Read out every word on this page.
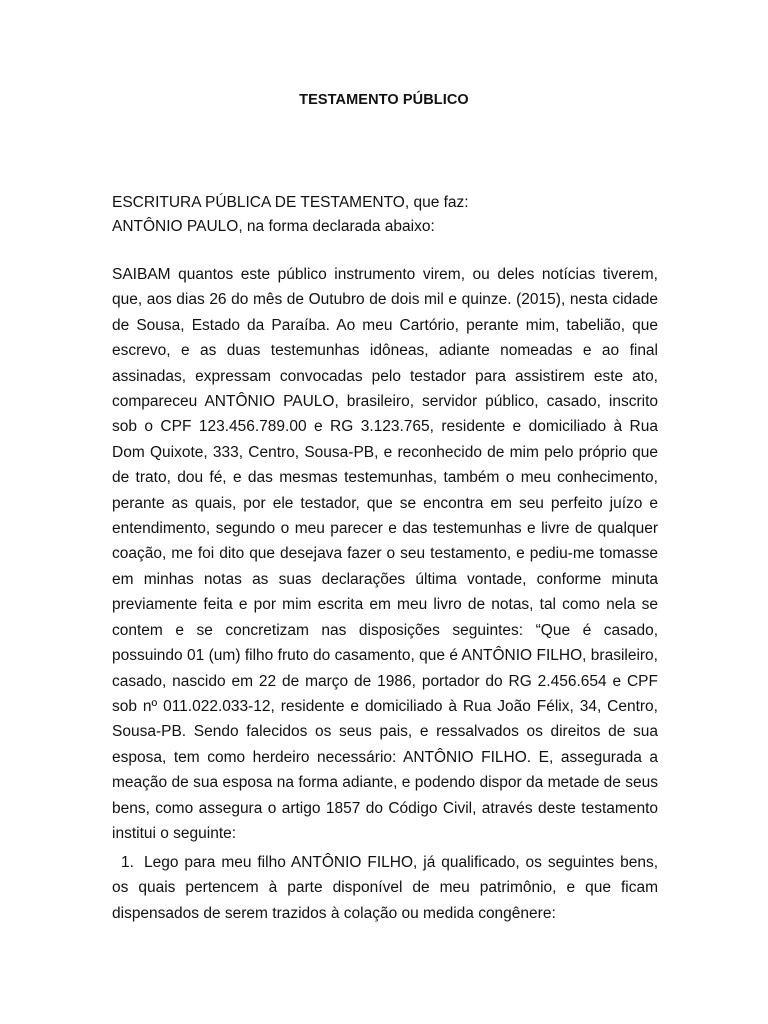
TESTAMENTO PÚBLICO
ESCRITURA PÚBLICA DE TESTAMENTO, que faz:
ANTÔNIO PAULO, na forma declarada abaixo:
SAIBAM quantos este público instrumento virem, ou deles notícias tiverem, que, aos dias 26 do mês de Outubro de dois mil e quinze. (2015), nesta cidade de Sousa, Estado da Paraíba. Ao meu Cartório, perante mim, tabelião, que escrevo, e as duas testemunhas idôneas, adiante nomeadas e ao final assinadas, expressam convocadas pelo testador para assistirem este ato, compareceu ANTÔNIO PAULO, brasileiro, servidor público, casado, inscrito sob o CPF 123.456.789.00 e RG 3.123.765, residente e domiciliado à Rua Dom Quixote, 333, Centro, Sousa-PB, e reconhecido de mim pelo próprio que de trato, dou fé, e das mesmas testemunhas, também o meu conhecimento, perante as quais, por ele testador, que se encontra em seu perfeito juízo e entendimento, segundo o meu parecer e das testemunhas e livre de qualquer coação, me foi dito que desejava fazer o seu testamento, e pediu-me tomasse em minhas notas as suas declarações última vontade, conforme minuta previamente feita e por mim escrita em meu livro de notas, tal como nela se contem e se concretizam nas disposições seguintes: “Que é casado, possuindo 01 (um) filho fruto do casamento, que é ANTÔNIO FILHO, brasileiro, casado, nascido em 22 de março de 1986, portador do RG 2.456.654 e CPF sob nº 011.022.033-12, residente e domiciliado à Rua João Félix, 34, Centro, Sousa-PB. Sendo falecidos os seus pais, e ressalvados os direitos de sua esposa, tem como herdeiro necessário: ANTÔNIO FILHO. E, assegurada a meação de sua esposa na forma adiante, e podendo dispor da metade de seus bens, como assegura o artigo 1857 do Código Civil, através deste testamento institui o seguinte:
1. Lego para meu filho ANTÔNIO FILHO, já qualificado, os seguintes bens, os quais pertencem à parte disponível de meu patrimônio, e que ficam dispensados de serem trazidos à colação ou medida congênere:
